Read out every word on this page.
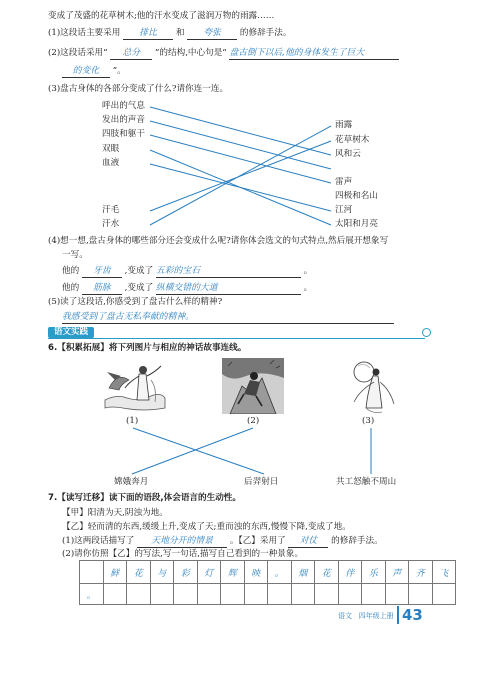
变成了茂盛的花草树木;他的汗水变成了滋润万物的雨露……
(1)这段话主要采用 排比 和 夸张 的修辞手法。
(2)这段话采用“ 总分 ”的结构,中心句是“ 盘古倒下以后,他的身体发生了巨大
的变化 ”。
(3)盘古身体的各部分变成了什么?请你连一连。
呼出的气息
发出的声音
四肢和躯干
双眼
血液
汗毛
汗水
雨露
花草树木
风和云
雷声
四极和名山
江河
太阳和月亮
(4)想一想,盘古身体的哪些部分还会变成什么呢?请你体会选文的句式特点,然后展开想象写
一写。
他的 牙齿 ,变成了 五彩的宝石	。
他的 筋脉 ,变成了 纵横交错的大道	。
(5)读了这段话,你感受到了盘古什么样的精神?
我感受到了盘古无私奉献的精神。
语文实践
6.【积累拓展】将下列图片与相应的神话故事连线。
(1)	(2)	(3)
嫦娥奔月	后羿射日	共工怒触不周山
7.【读写迁移】读下面的语段,体会语言的生动性。
【甲】阳清为天,阴浊为地。
【乙】轻而清的东西,缓缓上升,变成了天;重而浊的东西,慢慢下降,变成了地。
(1)这两段话描写了 天地分开的情景 。【乙】采用了 对仗 的修辞手法。
(2)请你仿照【乙】的写法,写一句话,描写自己看到的一种景象。
	鲜	花	与	彩	灯	辉	映	。	烟	花	伴	乐	声	齐	飞
。															
语文 四年级上册 43
